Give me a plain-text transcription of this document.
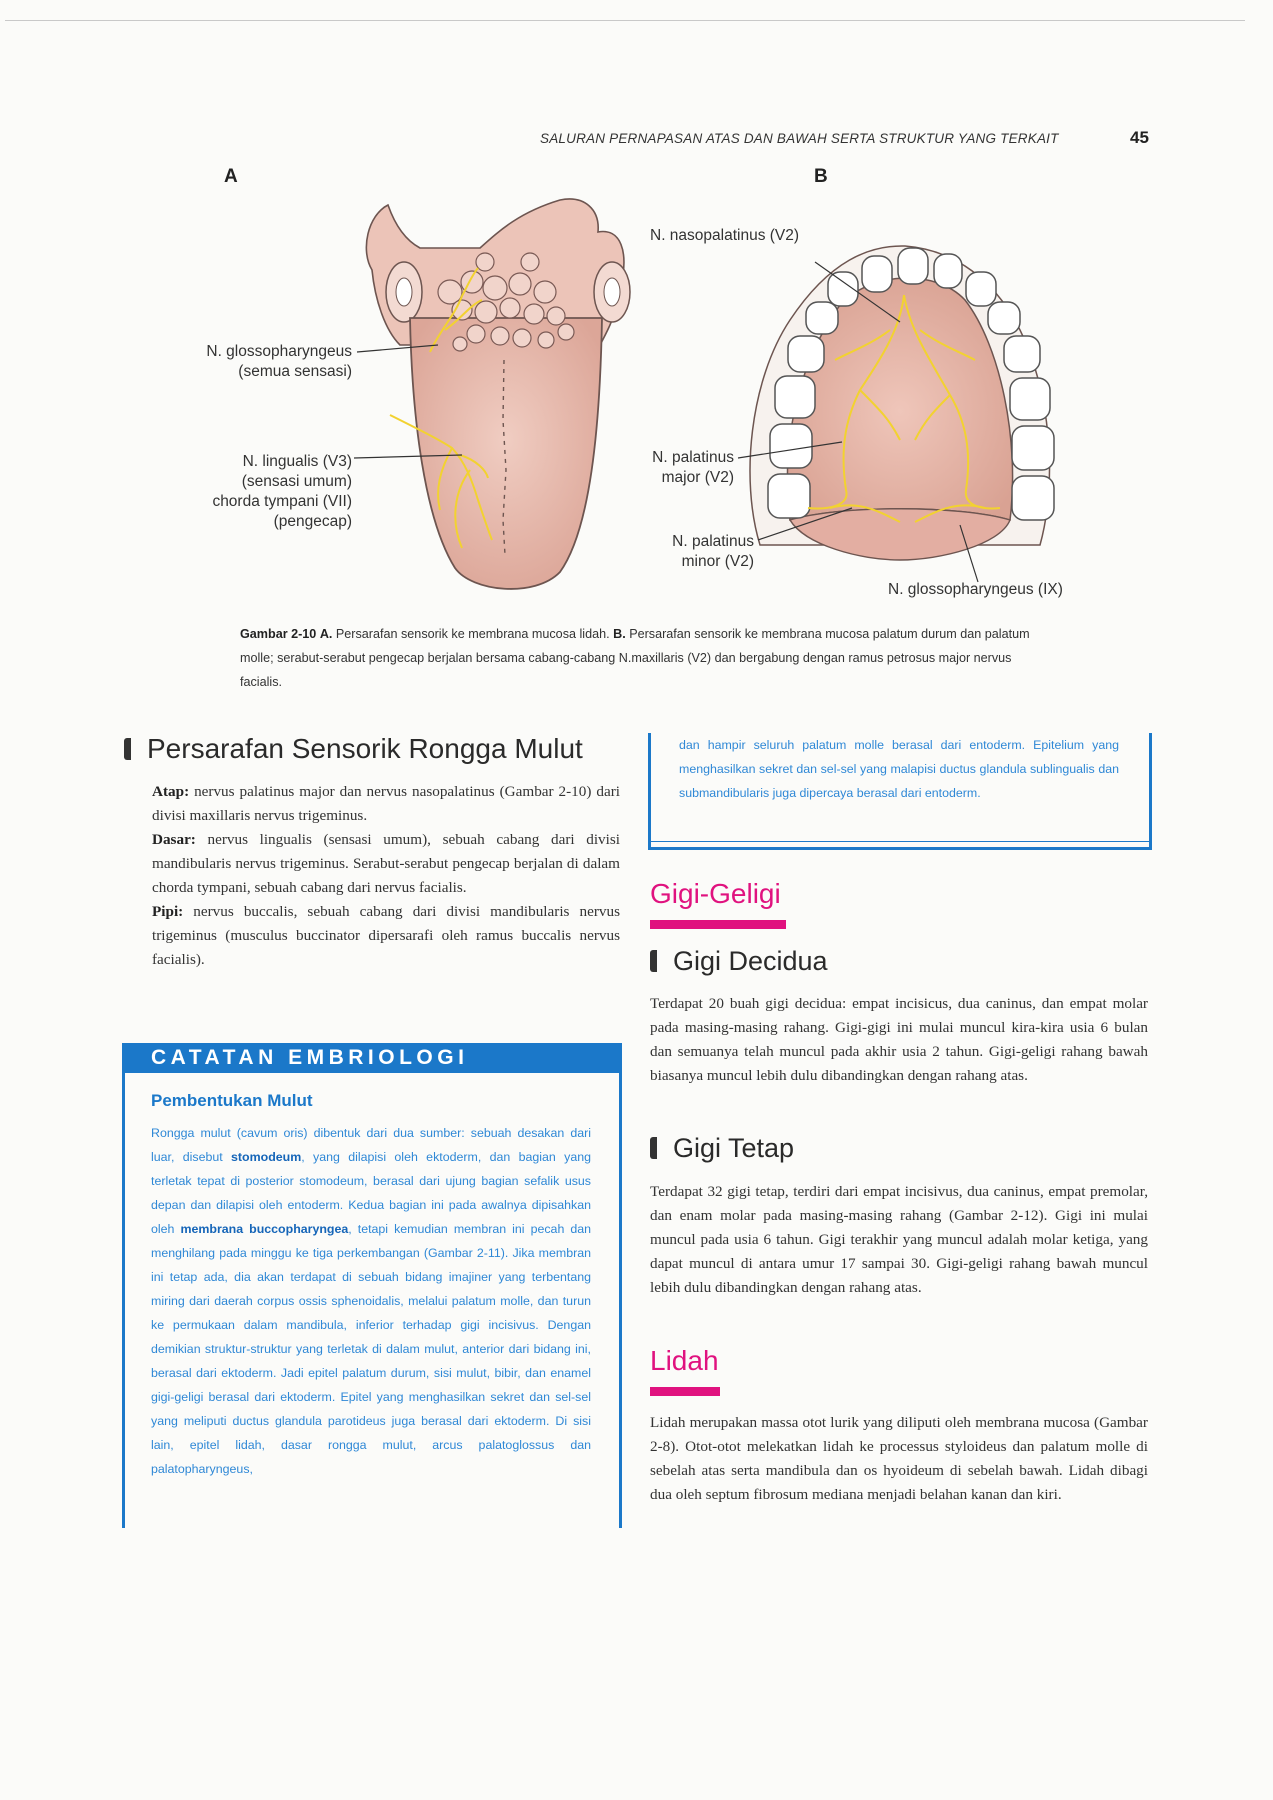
SALURAN PERNAPASAN ATAS DAN BAWAH SERTA STRUKTUR YANG TERKAIT	45
A	B
N. glossopharyngeus
(semua sensasi)
N. lingualis (V3)
(sensasi umum)
chorda tympani (VII)
(pengecap)
N. nasopalatinus (V2)
N. palatinus
major (V2)
N. palatinus
minor (V2)
N. glossopharyngeus (IX)
Gambar 2-10 A. Persarafan sensorik ke membrana mucosa lidah. B. Persarafan sensorik ke membrana mucosa palatum durum dan palatum molle; serabut-serabut pengecap berjalan bersama cabang-cabang N.maxillaris (V2) dan bergabung dengan ramus petrosus major nervus facialis.
Persarafan Sensorik Rongga Mulut

Atap: nervus palatinus major dan nervus nasopalatinus (Gambar 2-10) dari divisi maxillaris nervus trigeminus.

Dasar: nervus lingualis (sensasi umum), sebuah cabang dari divisi mandibularis nervus trigeminus. Serabut-serabut pengecap berjalan di dalam chorda tympani, sebuah cabang dari nervus facialis.

Pipi: nervus buccalis, sebuah cabang dari divisi mandibularis nervus trigeminus (musculus buccinator dipersarafi oleh ramus buccalis nervus facialis).

CATATAN EMBRIOLOGI
Pembentukan Mulut
Rongga mulut (cavum oris) dibentuk dari dua sumber: sebuah desakan dari luar, disebut stomodeum, yang dilapisi oleh ektoderm, dan bagian yang terletak tepat di posterior stomodeum, berasal dari ujung bagian sefalik usus depan dan dilapisi oleh entoderm. Kedua bagian ini pada awalnya dipisahkan oleh membrana buccopharyngea, tetapi kemudian membran ini pecah dan menghilang pada minggu ke tiga perkembangan (Gambar 2-11). Jika membran ini tetap ada, dia akan terdapat di sebuah bidang imajiner yang terbentang miring dari daerah corpus ossis sphenoidalis, melalui palatum molle, dan turun ke permukaan dalam mandibula, inferior terhadap gigi incisivus. Dengan demikian struktur-struktur yang terletak di dalam mulut, anterior dari bidang ini, berasal dari ektoderm. Jadi epitel palatum durum, sisi mulut, bibir, dan enamel gigi-geligi berasal dari ektoderm. Epitel yang menghasilkan sekret dan sel-sel yang meliputi ductus glandula parotideus juga berasal dari ektoderm. Di sisi lain, epitel lidah, dasar rongga mulut, arcus palatoglossus dan palatopharyngeus,
dan hampir seluruh palatum molle berasal dari entoderm. Epitelium yang menghasilkan sekret dan sel-sel yang malapisi ductus glandula sublingualis dan submandibularis juga dipercaya berasal dari entoderm.
Gigi-Geligi
Gigi Decidua
Terdapat 20 buah gigi decidua: empat incisicus, dua caninus, dan empat molar pada masing-masing rahang. Gigi-gigi ini mulai muncul kira-kira usia 6 bulan dan semuanya telah muncul pada akhir usia 2 tahun. Gigi-geligi rahang bawah biasanya muncul lebih dulu dibandingkan dengan rahang atas.
Gigi Tetap
Terdapat 32 gigi tetap, terdiri dari empat incisivus, dua caninus, empat premolar, dan enam molar pada masing-masing rahang (Gambar 2-12). Gigi ini mulai muncul pada usia 6 tahun. Gigi terakhir yang muncul adalah molar ketiga, yang dapat muncul di antara umur 17 sampai 30. Gigi-geligi rahang bawah muncul lebih dulu dibandingkan dengan rahang atas.
Lidah
Lidah merupakan massa otot lurik yang diliputi oleh membrana mucosa (Gambar 2-8). Otot-otot melekatkan lidah ke processus styloideus dan palatum molle di sebelah atas serta mandibula dan os hyoideum di sebelah bawah. Lidah dibagi dua oleh septum fibrosum mediana menjadi belahan kanan dan kiri.
